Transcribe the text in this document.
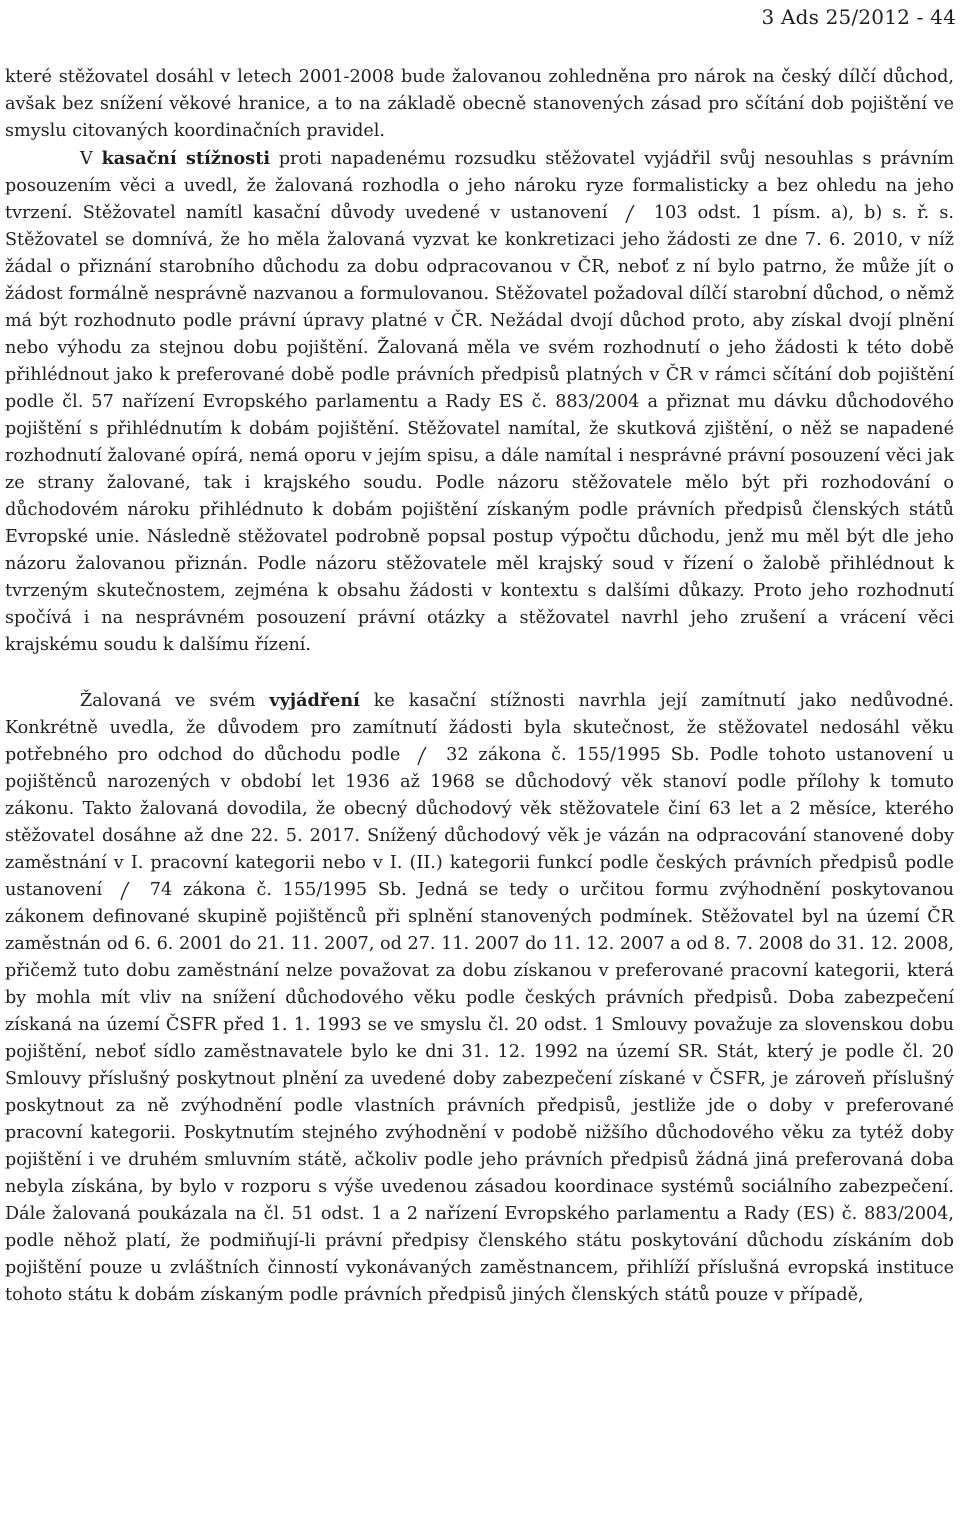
3 Ads 25/2012 - 44

které stěžovatel dosáhl v letech 2001-2008 bude žalovanou zohledněna pro nárok na český dílčí důchod, avšak bez snížení věkové hranice, a to na základě obecně stanovených zásad pro sčítání dob pojištění ve smyslu citovaných koordinačních pravidel.

V kasační stížnosti proti napadenému rozsudku stěžovatel vyjádřil svůj nesouhlas s právním posouzením věci a uvedl, že žalovaná rozhodla o jeho nároku ryze formalisticky a bez ohledu na jeho tvrzení. Stěžovatel namítl kasační důvody uvedené v ustanovení
103 odst. 1 písm. a), b) s. ř. s. Stěžovatel se domnívá, že ho měla žalovaná vyzvat ke konkretizaci jeho žádosti ze dne 7. 6. 2010, v níž žádal o přiznání starobního důchodu za dobu odpracovanou v ČR, neboť z ní bylo patrno, že může jít o žádost formálně nesprávně nazvanou a formulovanou. Stěžovatel požadoval dílčí starobní důchod, o němž má být rozhodnuto podle právní úpravy platné v ČR. Nežádal dvojí důchod proto, aby získal dvojí plnění nebo výhodu za stejnou dobu pojištění. Žalovaná měla ve svém rozhodnutí o jeho žádosti k této době přihlédnout jako k preferované době podle právních předpisů platných v ČR v rámci sčítání dob pojištění podle čl. 57 nařízení Evropského parlamentu a Rady ES č. 883/2004 a přiznat mu dávku důchodového pojištění s přihlédnutím k dobám pojištění. Stěžovatel namítal, že skutková zjištění, o něž se napadené rozhodnutí žalované opírá, nemá oporu v jejím spisu, a dále namítal i nesprávné právní posouzení věci jak ze strany žalované, tak i krajského soudu. Podle názoru stěžovatele mělo být při rozhodování o důchodovém nároku přihlédnuto k dobám pojištění získaným podle právních předpisů členských států Evropské unie. Následně stěžovatel podrobně popsal postup výpočtu důchodu, jenž mu měl být dle jeho názoru žalovanou přiznán. Podle názoru stěžovatele měl krajský soud v řízení o žalobě přihlédnout k tvrzeným skutečnostem, zejména k obsahu žádosti v kontextu s dalšími důkazy. Proto jeho rozhodnutí spočívá i na nesprávném posouzení právní otázky a stěžovatel navrhl jeho zrušení a vrácení věci krajskému soudu k dalšímu řízení.

Žalovaná ve svém vyjádření ke kasační stížnosti navrhla její zamítnutí jako nedůvodné. Konkrétně uvedla, že důvodem pro zamítnutí žádosti byla skutečnost, že stěžovatel nedosáhl věku potřebného pro odchod do důchodu podle
32 zákona č. 155/1995 Sb. Podle tohoto ustanovení u pojištěnců narozených v období let 1936 až 1968 se důchodový věk stanoví podle přílohy k tomuto zákonu. Takto žalovaná dovodila, že obecný důchodový věk stěžovatele činí 63 let a 2 měsíce, kterého stěžovatel dosáhne až dne 22. 5. 2017. Snížený důchodový věk je vázán na odpracování stanovené doby zaměstnání v I. pracovní kategorii nebo v I. (II.) kategorii funkcí podle českých právních předpisů podle ustanovení
74 zákona č. 155/1995 Sb. Jedná se tedy o určitou formu zvýhodnění poskytovanou zákonem definované skupině pojištěnců při splnění stanovených podmínek. Stěžovatel byl na území ČR zaměstnán od 6. 6. 2001 do 21. 11. 2007, od 27. 11. 2007 do 11. 12. 2007 a od 8. 7. 2008 do 31. 12. 2008, přičemž tuto dobu zaměstnání nelze považovat za dobu získanou v preferované pracovní kategorii, která by mohla mít vliv na snížení důchodového věku podle českých právních předpisů. Doba zabezpečení získaná na území ČSFR před 1. 1. 1993 se ve smyslu čl. 20 odst. 1 Smlouvy považuje za slovenskou dobu pojištění, neboť sídlo zaměstnavatele bylo ke dni 31. 12. 1992 na území SR. Stát, který je podle čl. 20 Smlouvy příslušný poskytnout plnění za uvedené doby zabezpečení získané v ČSFR, je zároveň příslušný poskytnout za ně zvýhodnění podle vlastních právních předpisů, jestliže jde o doby v preferované pracovní kategorii. Poskytnutím stejného zvýhodnění v podobě nižšího důchodového věku za tytéž doby pojištění i ve druhém smluvním státě, ačkoliv podle jeho právních předpisů žádná jiná preferovaná doba nebyla získána, by bylo v rozporu s výše uvedenou zásadou koordinace systémů sociálního zabezpečení. Dále žalovaná poukázala na čl. 51 odst. 1 a 2 nařízení Evropského parlamentu a Rady (ES) č. 883/2004, podle něhož platí, že podmiňují-li právní předpisy členského státu poskytování důchodu získáním dob pojištění pouze u zvláštních činností vykonávaných zaměstnancem, přihlíží příslušná evropská instituce tohoto státu k dobám získaným podle právních předpisů jiných členských států pouze v případě,
